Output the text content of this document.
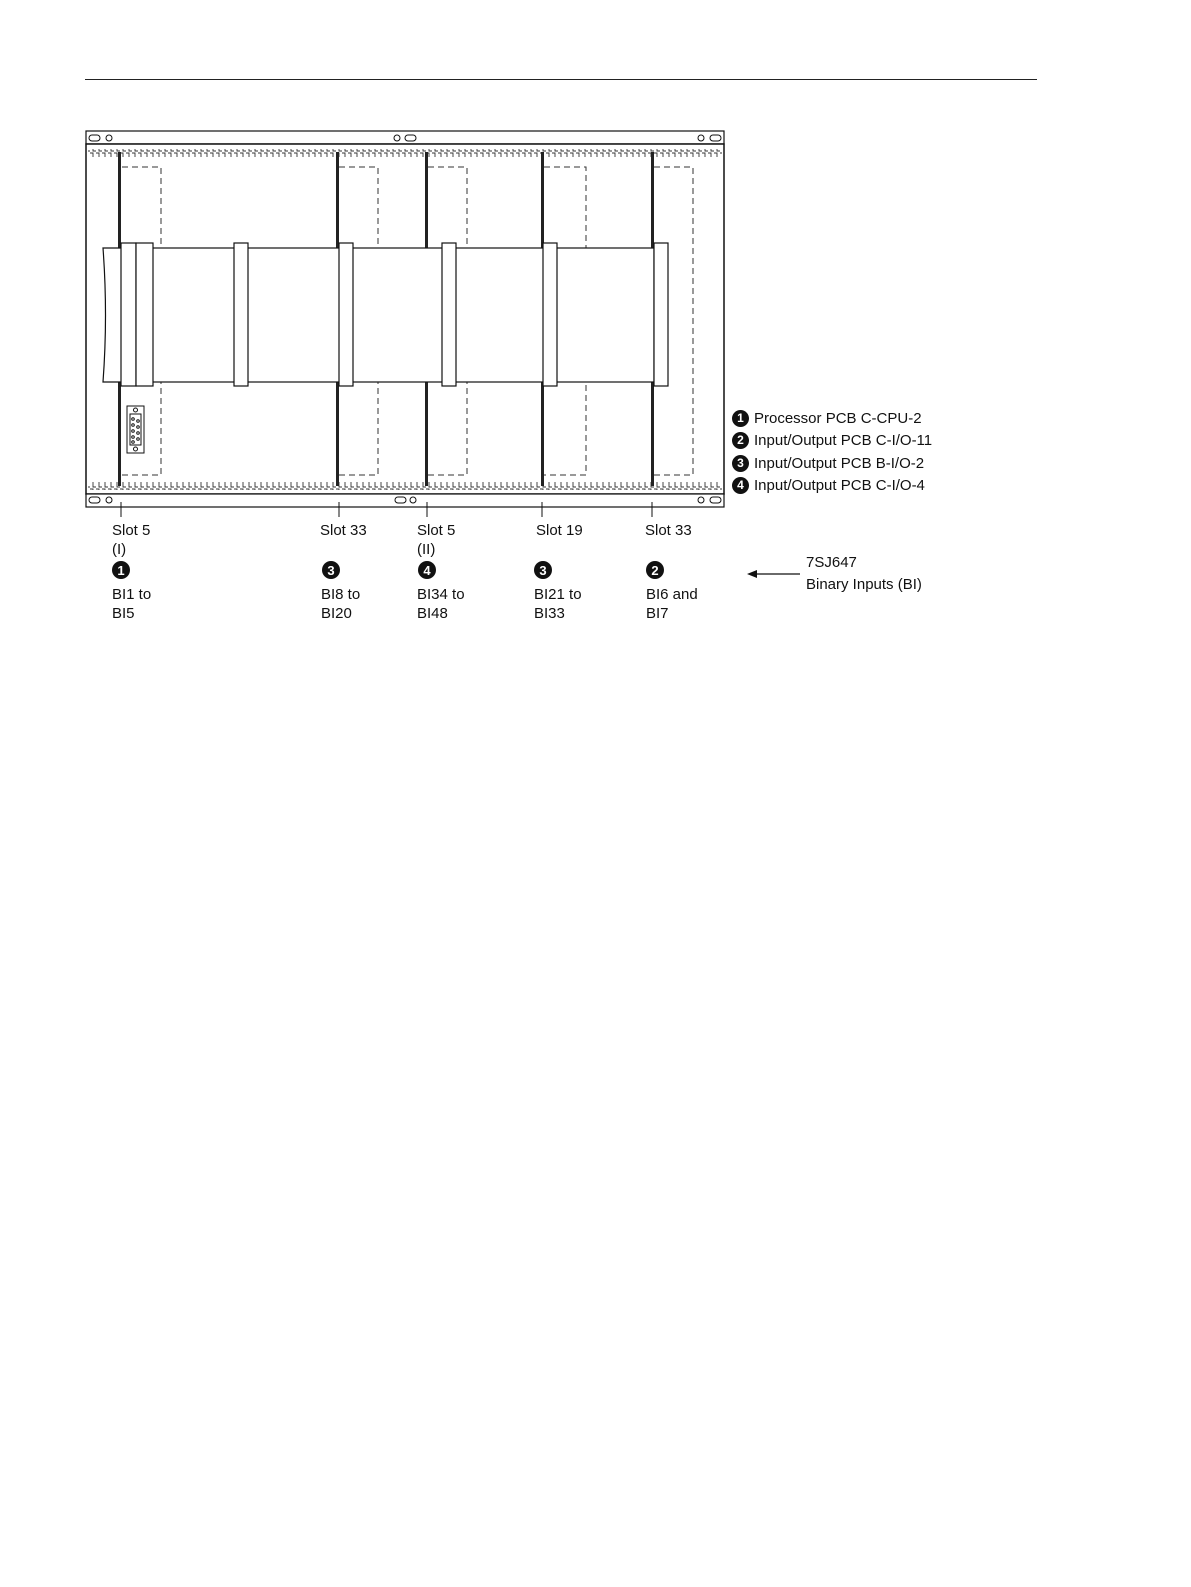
1 Processor PCB C-CPU-2
2 Input/Output PCB C-I/O-11
3 Input/Output PCB B-I/O-2
4 Input/Output PCB C-I/O-4
Slot 5
(I)
Slot 33	Slot 5
(II)
Slot 19	Slot 33
1	3	4	3	2
BI1 to
BI5
BI8 to
BI20
BI34 to
BI48
BI21 to
BI33
BI6 and
BI7
7SJ647
Binary Inputs (BI)
